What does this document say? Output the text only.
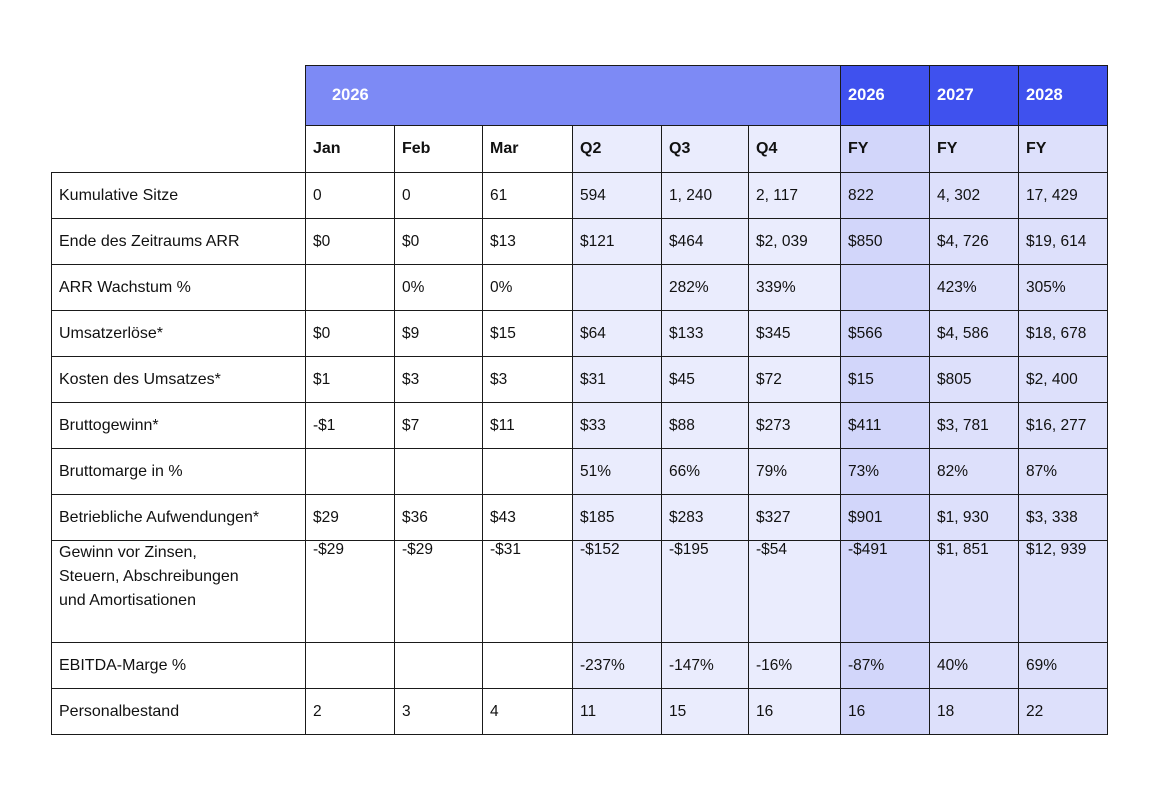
	2026						2026	2027	2028
	Jan	Feb	Mar	Q2	Q3	Q4	FY	FY	FY
Kumulative Sitze	0	0	61	594	1, 240	2, 117	822	4, 302	17, 429
Ende des Zeitraums ARR	$0	$0	$13	$121	$464	$2, 039	$850	$4, 726	$19, 614
ARR Wachstum %		0%	0%		282%	339%		423%	305%
Umsatzerlöse*	$0	$9	$15	$64	$133	$345	$566	$4, 586	$18, 678
Kosten des Umsatzes*	$1	$3	$3	$31	$45	$72	$15	$805	$2, 400
Bruttogewinn*	-$1	$7	$11	$33	$88	$273	$411	$3, 781	$16, 277
Bruttomarge in %				51%	66%	79%	73%	82%	87%
Betriebliche Aufwendungen*	$29	$36	$43	$185	$283	$327	$901	$1, 930	$3, 338

Gewinn vor Zinsen,
Steuern, Abschreibungen
und Amortisationen	-$29	-$29	-$31	-$152	-$195	-$54	-$491	$1, 851	$12, 939
EBITDA-Marge %				-237%	-147%	-16%	-87%	40%	69%
Personalbestand	2	3	4	11	15	16	16	18	22
